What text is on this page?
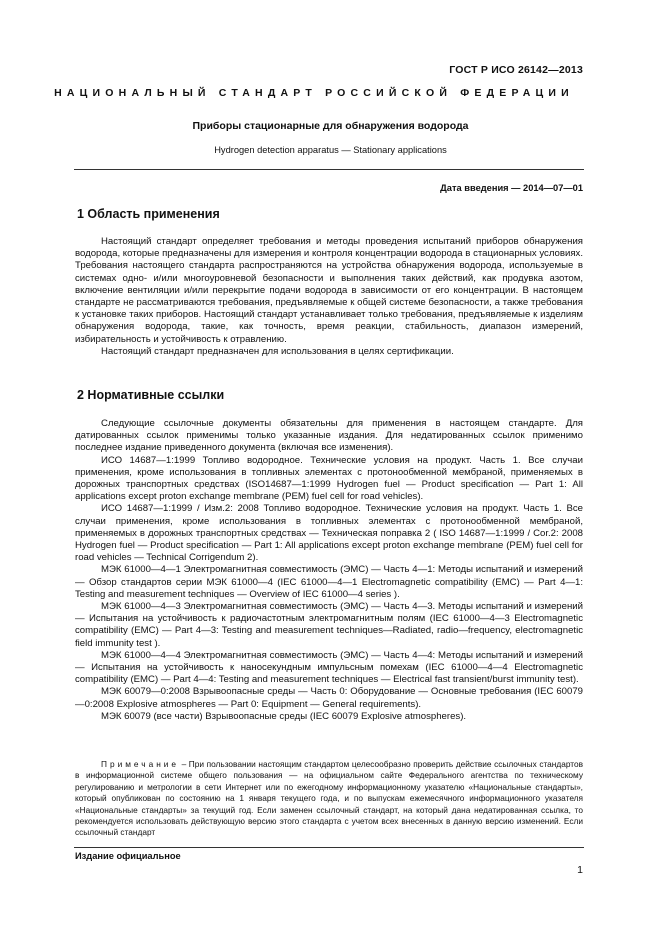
ГОСТ Р ИСО 26142—2013
НАЦИОНАЛЬНЫЙ СТАНДАРТ РОССИЙСКОЙ ФЕДЕРАЦИИ
Приборы стационарные для обнаружения водорода
Hydrogen detection apparatus — Stationary applications
Дата введения — 2014—07—01
1 Область применения

Настоящий стандарт определяет требования и методы проведения испытаний приборов обнаружения водорода, которые предназначены для измерения и контроля концентрации водорода в стационарных условиях. Требования настоящего стандарта распространяются на устройства обнаружения водорода, используемые в системах одно- и/или многоуровневой безопасности и выполнения таких действий, как продувка азотом, включение вентиляции и/или перекрытие подачи водорода в зависимости от его концентрации. В настоящем стандарте не рассматриваются требования, предъявляемые к общей системе безопасности, а также требования к установке таких приборов. Настоящий стандарт устанавливает только требования, предъявляемые к изделиям обнаружения водорода, такие, как точность, время реакции, стабильность, диапазон измерений, избирательность и устойчивость к отравлению.

Настоящий стандарт предназначен для использования в целях сертификации.

2 Нормативные ссылки

Следующие ссылочные документы обязательны для применения в настоящем стандарте. Для датированных ссылок применимы только указанные издания. Для недатированных ссылок применимо последнее издание приведенного документа (включая все изменения).

ИСО 14687—1:1999 Топливо водородное. Технические условия на продукт. Часть 1. Все случаи применения, кроме использования в топливных элементах с протонообменной мембраной, применяемых в дорожных транспортных средствах (ISO14687—1:1999 Hydrogen fuel — Product specification — Part 1: All applications except proton exchange membrane (PEM) fuel cell for road vehicles).

ИСО 14687—1:1999 / Изм.2: 2008 Топливо водородное. Технические условия на продукт. Часть 1. Все случаи применения, кроме использования в топливных элементах с протонообменной мембраной, применяемых в дорожных транспортных средствах — Техническая поправка 2 ( ISO 14687—1:1999 / Cor.2: 2008 Hydrogen fuel — Product specification — Part 1: All applications except proton exchange membrane (PEM) fuel cell for road vehicles — Technical Corrigendum 2).

МЭК 61000—4—1 Электромагнитная совместимость (ЭМС) — Часть 4—1: Методы испытаний и измерений — Обзор стандартов серии МЭК 61000—4 (IEC 61000—4—1 Electromagnetic compatibility (EMC) — Part 4—1: Testing and measurement techniques — Overview of IEC 61000—4 series ).

МЭК 61000—4—3 Электромагнитная совместимость (ЭМС) — Часть 4—3. Методы испытаний и измерений — Испытания на устойчивость к радиочастотным электромагнитным полям (IEC 61000—4—3 Electromagnetic compatibility (EMC) — Part 4—3: Testing and measurement techniques—Radiated, radio—frequency, electromagnetic field immunity test ).

МЭК 61000—4—4 Электромагнитная совместимость (ЭМС) — Часть 4—4: Методы испытаний и измерений — Испытания на устойчивость к наносекундным импульсным помехам (IEC 61000—4—4 Electromagnetic compatibility (EMC) — Part 4—4: Testing and measurement techniques — Electrical fast transient/burst immunity test).

МЭК 60079—0:2008 Взрывоопасные среды — Часть 0: Оборудование — Основные требования (IEC 60079—0:2008 Explosive atmospheres — Part 0: Equipment — General requirements).

МЭК 60079 (все части) Взрывоопасные среды (IEC 60079 Explosive atmospheres).

Примечание – При пользовании настоящим стандартом целесообразно проверить действие ссылочных стандартов в информационной системе общего пользования — на официальном сайте Федерального агентства по техническому регулированию и метрологии в сети Интернет или по ежегодному информационному указателю «Национальные стандарты», который опубликован по состоянию на 1 января текущего года, и по выпускам ежемесячного информационного указателя «Национальные стандарты» за текущий год. Если заменен ссылочный стандарт, на который дана недатированная ссылка, то рекомендуется использовать действующую версию этого стандарта с учетом всех внесенных в данную версию изменений. Если ссылочный стандарт

Издание официальное
1
